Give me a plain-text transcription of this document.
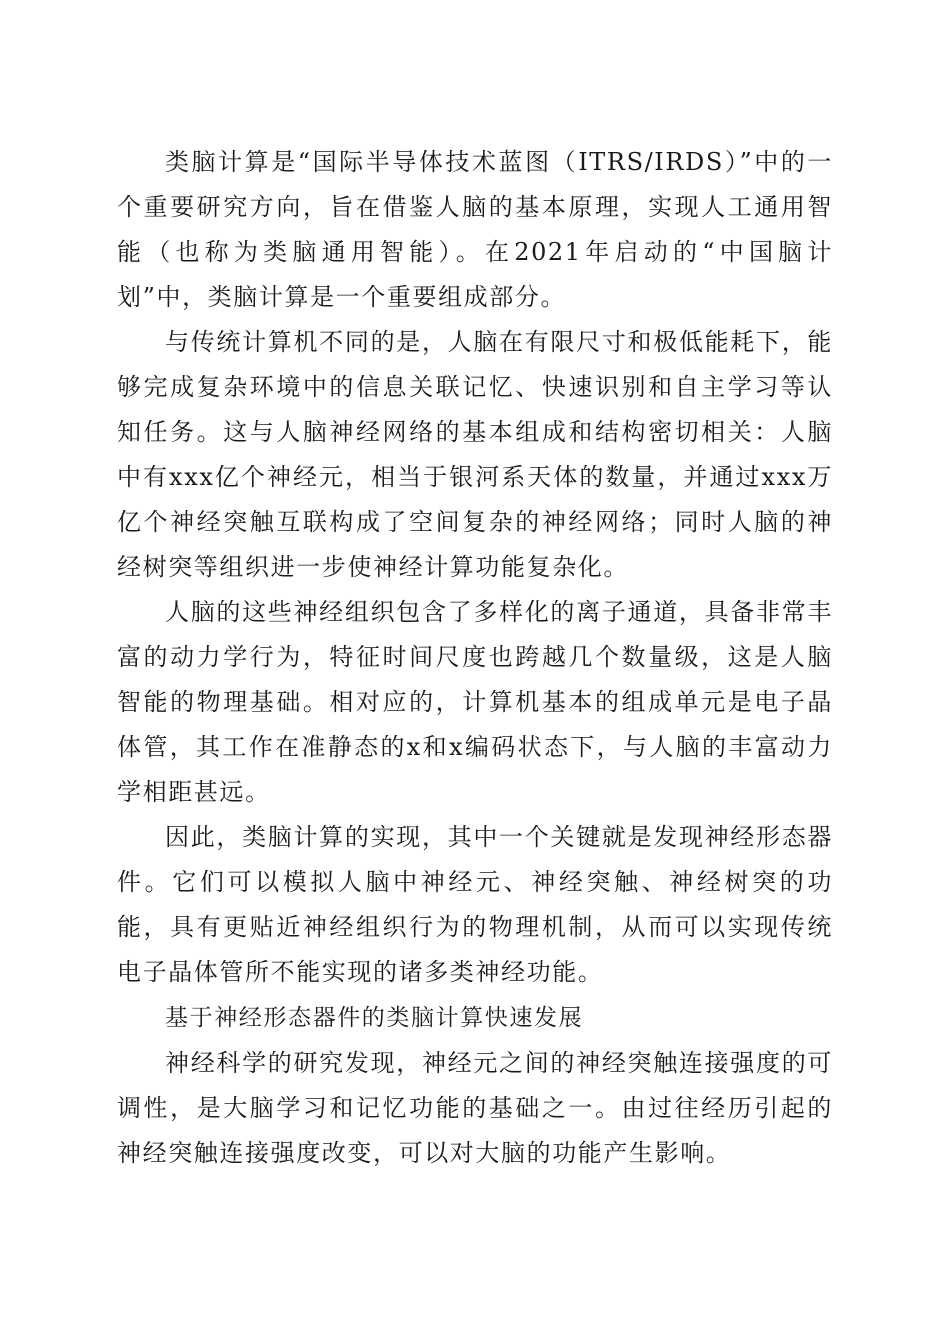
类脑计算是“国际半导体技术蓝图（ITRS/IRDS）”中的一个重要研究方向，旨在借鉴人脑的基本原理，实现人工通用智能（也称为类脑通用智能）。在2021年启动的“中国脑计划”中，类脑计算是一个重要组成部分。

与传统计算机不同的是，人脑在有限尺寸和极低能耗下，能够完成复杂环境中的信息关联记忆、快速识别和自主学习等认知任务。这与人脑神经网络的基本组成和结构密切相关：人脑中有xxx亿个神经元，相当于银河系天体的数量，并通过xxx万亿个神经突触互联构成了空间复杂的神经网络；同时人脑的神经树突等组织进一步使神经计算功能复杂化。

人脑的这些神经组织包含了多样化的离子通道，具备非常丰富的动力学行为，特征时间尺度也跨越几个数量级，这是人脑智能的物理基础。相对应的，计算机基本的组成单元是电子晶体管，其工作在准静态的x和x编码状态下，与人脑的丰富动力学相距甚远。

因此，类脑计算的实现，其中一个关键就是发现神经形态器件。它们可以模拟人脑中神经元、神经突触、神经树突的功能，具有更贴近神经组织行为的物理机制，从而可以实现传统电子晶体管所不能实现的诸多类神经功能。

基于神经形态器件的类脑计算快速发展

神经科学的研究发现，神经元之间的神经突触连接强度的可调性，是大脑学习和记忆功能的基础之一。由过往经历引起的神经突触连接强度改变，可以对大脑的功能产生影响。
